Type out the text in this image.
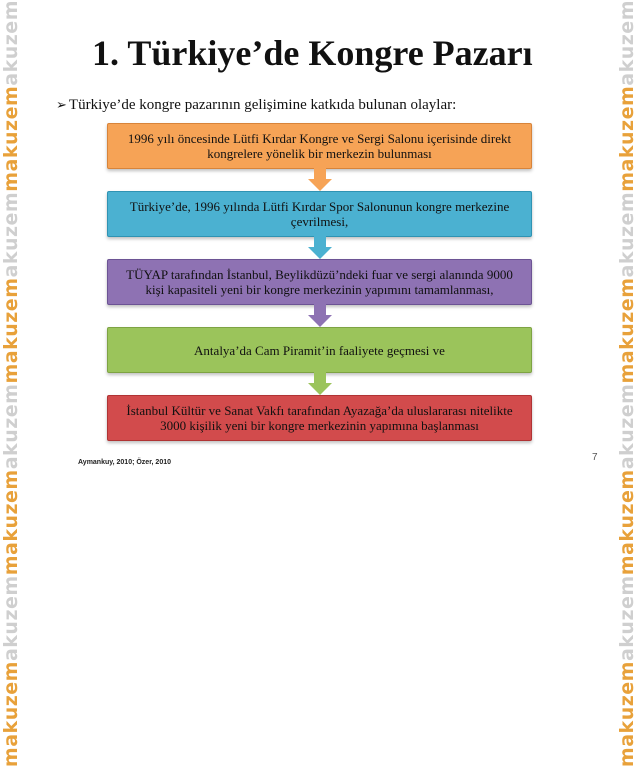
makuzemakuzemmakuzemakuzemmakuzemakuzemmakuzemakuzem
makuzemakuzemmakuzemakuzemmakuzemakuzemmakuzemakuzem
1. Türkiye’de Kongre Pazarı
➢ Türkiye’de kongre pazarının gelişimine katkıda bulunan olaylar:
1996 yılı öncesinde Lütfi Kırdar Kongre ve Sergi Salonu içerisinde direkt kongrelere yönelik bir merkezin bulunması
Türkiye’de, 1996 yılında Lütfi Kırdar Spor Salonunun kongre merkezine çevrilmesi,
TÜYAP tarafından İstanbul, Beylikdüzü’ndeki fuar ve sergi alanında 9000 kişi kapasiteli yeni bir kongre merkezinin yapımını tamamlanması,
Antalya’da Cam Piramit’in faaliyete geçmesi ve
İstanbul Kültür ve Sanat Vakfı tarafından Ayazağa’da uluslararası nitelikte 3000 kişilik yeni bir kongre merkezinin yapımına başlanması
Aymankuy, 2010; Özer, 2010	7
